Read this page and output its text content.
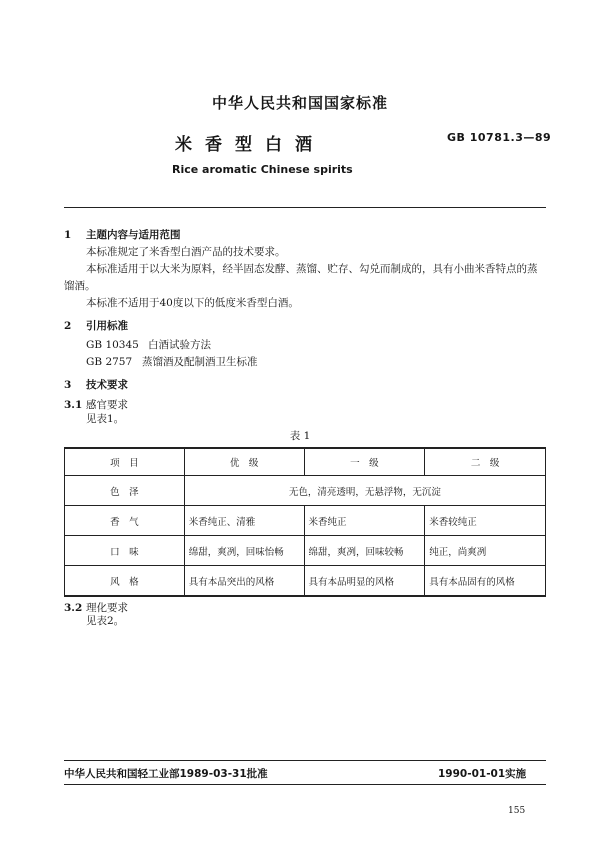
中华人民共和国国家标准
米香型白酒	GB 10781.3—89
Rice aromatic Chinese spirits
1 主题内容与适用范围
本标准规定了米香型白酒产品的技术要求。
本标准适用于以大米为原料，经半固态发酵、蒸馏、贮存、勾兑而制成的，具有小曲米香特点的蒸馏酒。
本标准不适用于40度以下的低度米香型白酒。
2 引用标准
GB 10345 白酒试验方法
GB 2757 蒸馏酒及配制酒卫生标准
3 技术要求
3.1 感官要求
见表1。
表 1
项　目	优　级	一　级	二　级
色　泽	无色，清亮透明，无悬浮物，无沉淀		
香　气	米香纯正、清雅	米香纯正	米香较纯正
口　味	绵甜，爽冽，回味怡畅	绵甜，爽冽，回味较畅	纯正，尚爽冽
风　格	具有本品突出的风格	具有本品明显的风格	具有本品固有的风格
3.2 理化要求
见表2。
中华人民共和国轻工业部1989-03-31批准	1990-01-01实施
155
